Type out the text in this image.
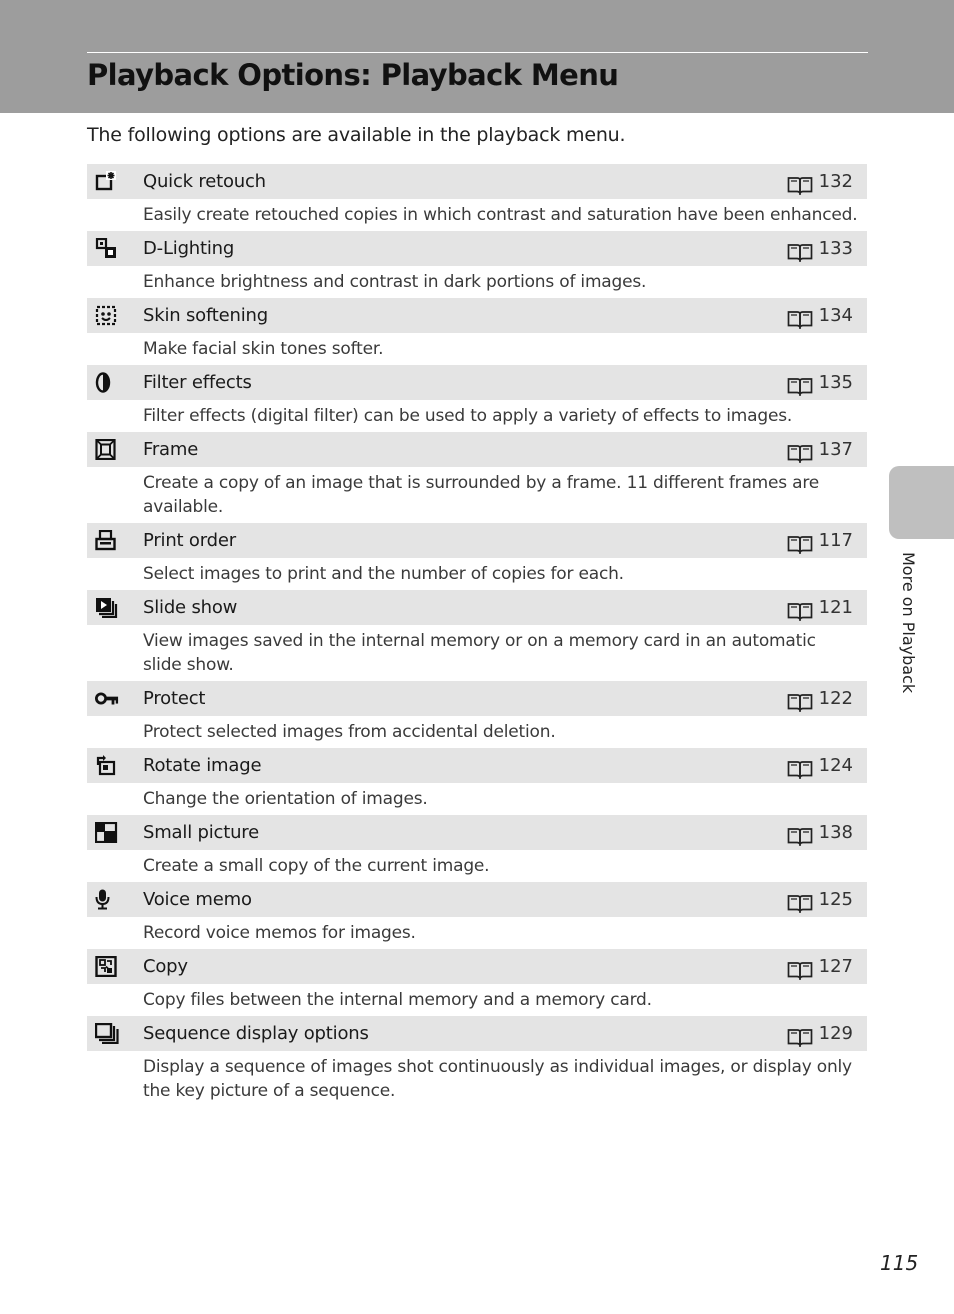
Playback Options: Playback Menu
The following options are available in the playback menu.
Quick retouch	132
Easily create retouched copies in which contrast and saturation have been enhanced.
D-Lighting	133
Enhance brightness and contrast in dark portions of images.
Skin softening	134
Make facial skin tones softer.
Filter effects	135
Filter effects (digital filter) can be used to apply a variety of effects to images.
Frame	137
Create a copy of an image that is surrounded by a frame. 11 different frames are available.
Print order	117
Select images to print and the number of copies for each.
Slide show	121
View images saved in the internal memory or on a memory card in an automatic slide show.
Protect	122
Protect selected images from accidental deletion.
Rotate image	124
Change the orientation of images.
Small picture	138
Create a small copy of the current image.
Voice memo	125
Record voice memos for images.
Copy	127
Copy files between the internal memory and a memory card.
Sequence display options	129
Display a sequence of images shot continuously as individual images, or display only the key picture of a sequence.
More on Playback
115
